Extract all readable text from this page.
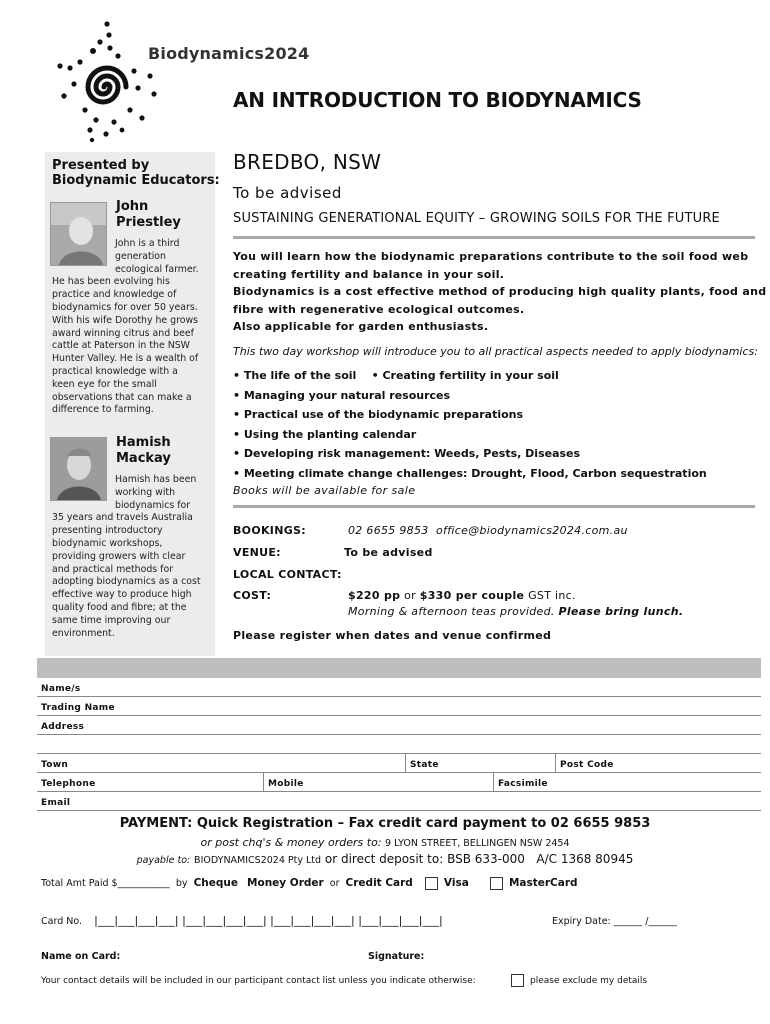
Biodynamics2024
AN INTRODUCTION TO BIODYNAMICS
Presented by
Biodynamic Educators:
John
Priestley
John is a third
generation
ecological farmer.
He has been evolving his
practice and knowledge of
biodynamics for over 50 years.
With his wife Dorothy he grows
award winning citrus and beef
cattle at Paterson in the NSW
Hunter Valley. He is a wealth of
practical knowledge with a
keen eye for the small
observations that can make a
difference to farming.
Hamish
Mackay
Hamish has been
working with
biodynamics for
35 years and travels Australia
presenting introductory
biodynamic workshops,
providing growers with clear
and practical methods for
adopting biodynamics as a cost
effective way to produce high
quality food and fibre; at the
same time improving our
environment.
BREDBO, NSW
To be advised
SUSTAINING GENERATIONAL EQUITY – GROWING SOILS FOR THE FUTURE
You will learn how the biodynamic preparations contribute to the soil food web
creating fertility and balance in your soil.
Biodynamics is a cost effective method of producing high quality plants, food and
fibre with regenerative ecological outcomes.
Also applicable for garden enthusiasts.
This two day workshop will introduce you to all practical aspects needed to apply biodynamics:
• The life of the soil    • Creating fertility in your soil
• Managing your natural resources
• Practical use of the biodynamic preparations
• Using the planting calendar
• Developing risk management: Weeds, Pests, Diseases
• Meeting climate change challenges: Drought, Flood, Carbon sequestration
Books will be available for sale
BOOKINGS:	02 6655 9853 office@biodynamics2024.com.au
VENUE:	To be advised
LOCAL CONTACT:
COST:	$220 pp or $330 per couple GST inc.
Morning & afternoon teas provided. Please bring lunch.
Please register when dates and venue confirmed
Name/s
Trading Name
Address
Town	State	Post Code
Telephone	Mobile	Facsimile
Email
PAYMENT: Quick Registration – Fax credit card payment to 02 6655 9853
or post chq's & money orders to: 9 LYON STREET, BELLINGEN NSW 2454
payable to: BIODYNAMICS2024 Pty Ltd or direct deposit to: BSB 633-000 A/C 1368 80945
Total Amt Paid $___________ by Cheque Money Order or Credit Card	Visa	MasterCard
Card No. |___|___|___|___| |___|___|___|___| |___|___|___|___| |___|___|___|___|	Expiry Date: ______ /______
Name on Card:	Signature:
Your contact details will be included in our participant contact list unless you indicate otherwise:	please exclude my details
